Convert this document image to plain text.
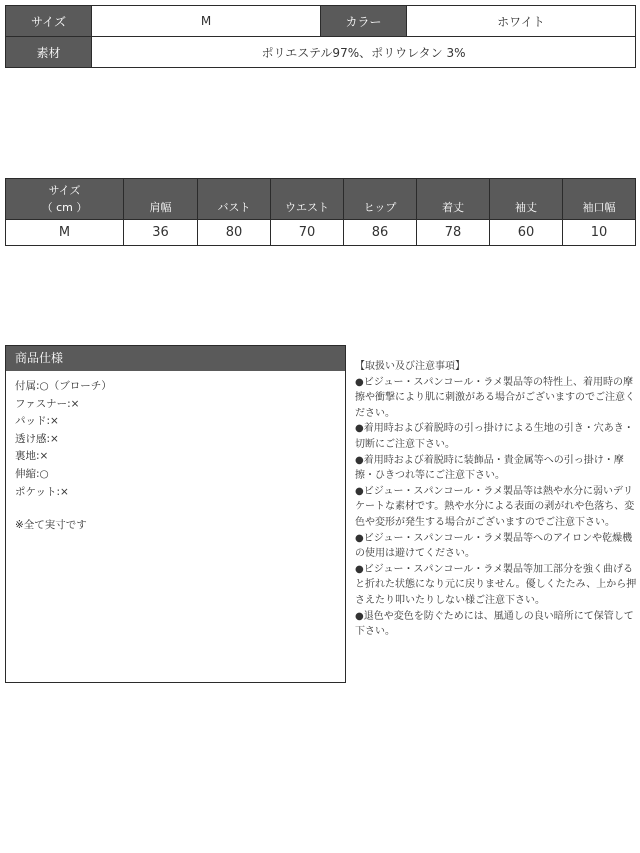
サイズ	M	カラー	ホワイト
素材	ポリエステル97%、ポリウレタン 3%		
サイズ
（ cm ）	肩幅	バスト	ウエスト	ヒップ	着丈	袖丈	袖口幅
M	36	80	70	86	78	60	10
商品仕様
付属:○（ブローチ）
ファスナー:×
パッド:×
透け感:×
裏地:×
伸縮:○
ポケット:×
※全て実寸です

【取扱い及び注意事項】

●ビジュー・スパンコール・ラメ製品等の特性上、着用時の摩擦や衝撃により肌に刺激がある場合がございますのでご注意ください。
●着用時および着脱時の引っ掛けによる生地の引き・穴あき・切断にご注意下さい。
●着用時および着脱時に装飾品・貴金属等への引っ掛け・摩擦・ひきつれ等にご注意下さい。
●ビジュー・スパンコール・ラメ製品等は熱や水分に弱いデリケートな素材です。熱や水分による表面の剥がれや色落ち、変色や変形が発生する場合がございますのでご注意下さい。
●ビジュー・スパンコール・ラメ製品等へのアイロンや乾燥機の使用は避けてください。
●ビジュー・スパンコール・ラメ製品等加工部分を強く曲げると折れた状態になり元に戻りません。優しくたたみ、上から押さえたり叩いたりしない様ご注意下さい。
●退色や変色を防ぐためには、風通しの良い暗所にて保管して下さい。
